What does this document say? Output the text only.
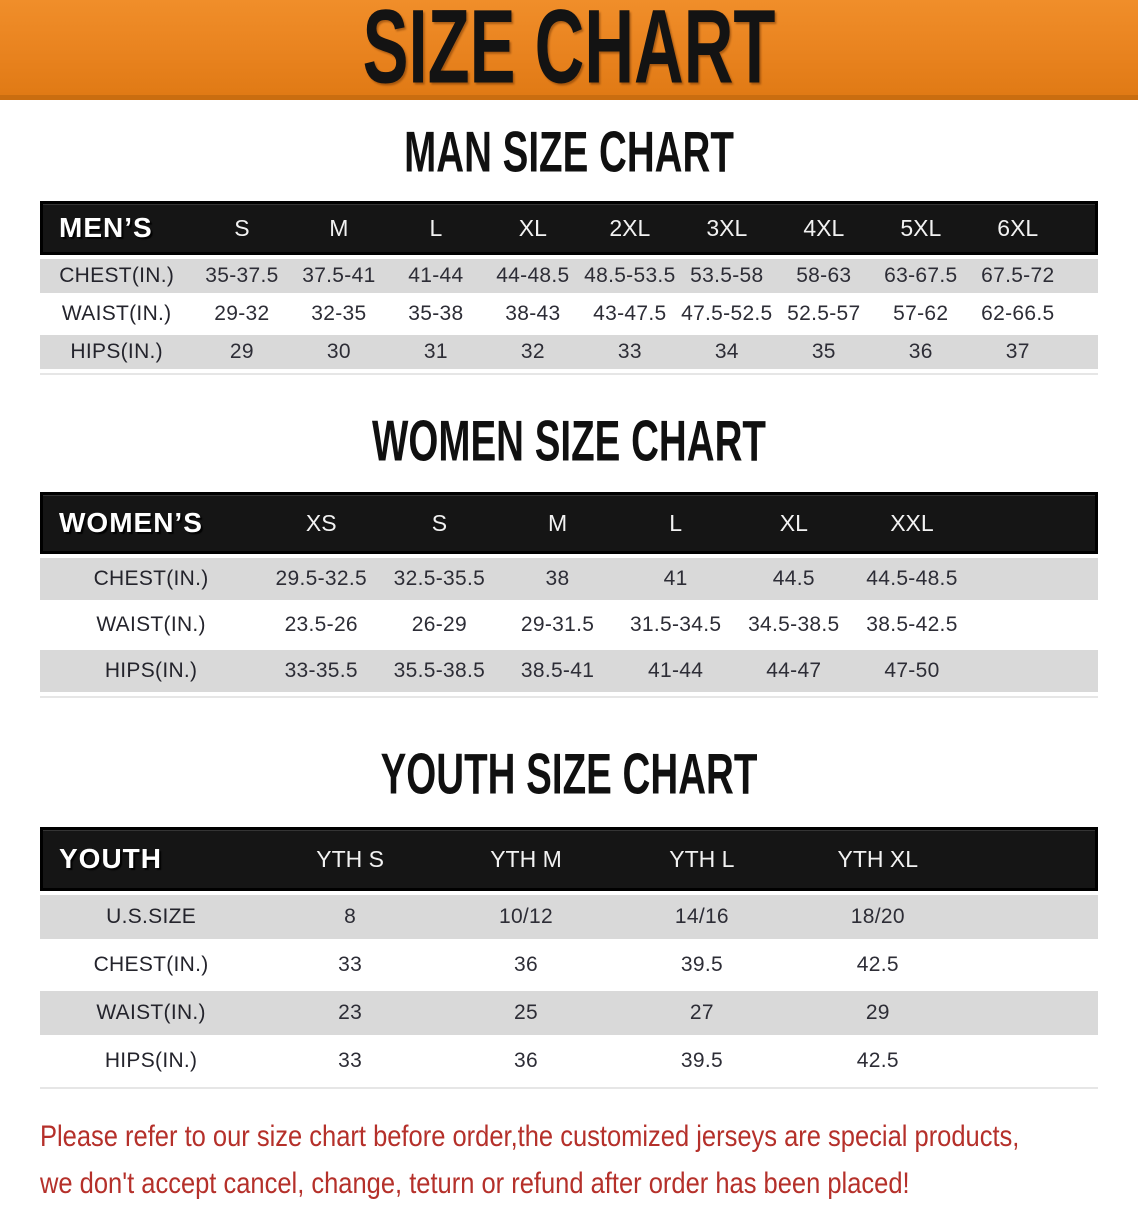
SIZE CHART
MAN SIZE CHART
MEN’S	S	M	L	XL	2XL	3XL	4XL	5XL	6XL	
CHEST(IN.)	35-37.5	37.5-41	41-44	44-48.5	48.5-53.5	53.5-58	58-63	63-67.5	67.5-72	
WAIST(IN.)	29-32	32-35	35-38	38-43	43-47.5	47.5-52.5	52.5-57	57-62	62-66.5	
HIPS(IN.)	29	30	31	32	33	34	35	36	37	
WOMEN SIZE CHART
WOMEN’S	XS	S	M	L	XL	XXL	
CHEST(IN.)	29.5-32.5	32.5-35.5	38	41	44.5	44.5-48.5	
WAIST(IN.)	23.5-26	26-29	29-31.5	31.5-34.5	34.5-38.5	38.5-42.5	
HIPS(IN.)	33-35.5	35.5-38.5	38.5-41	41-44	44-47	47-50	
YOUTH SIZE CHART
YOUTH	YTH S	YTH M	YTH L	YTH XL	
U.S.SIZE	8	10/12	14/16	18/20	
CHEST(IN.)	33	36	39.5	42.5	
WAIST(IN.)	23	25	27	29	
HIPS(IN.)	33	36	39.5	42.5	

Please refer to our size chart before order,the customized jerseys are special products,

we don't accept cancel, change, teturn or refund after order has been placed!
